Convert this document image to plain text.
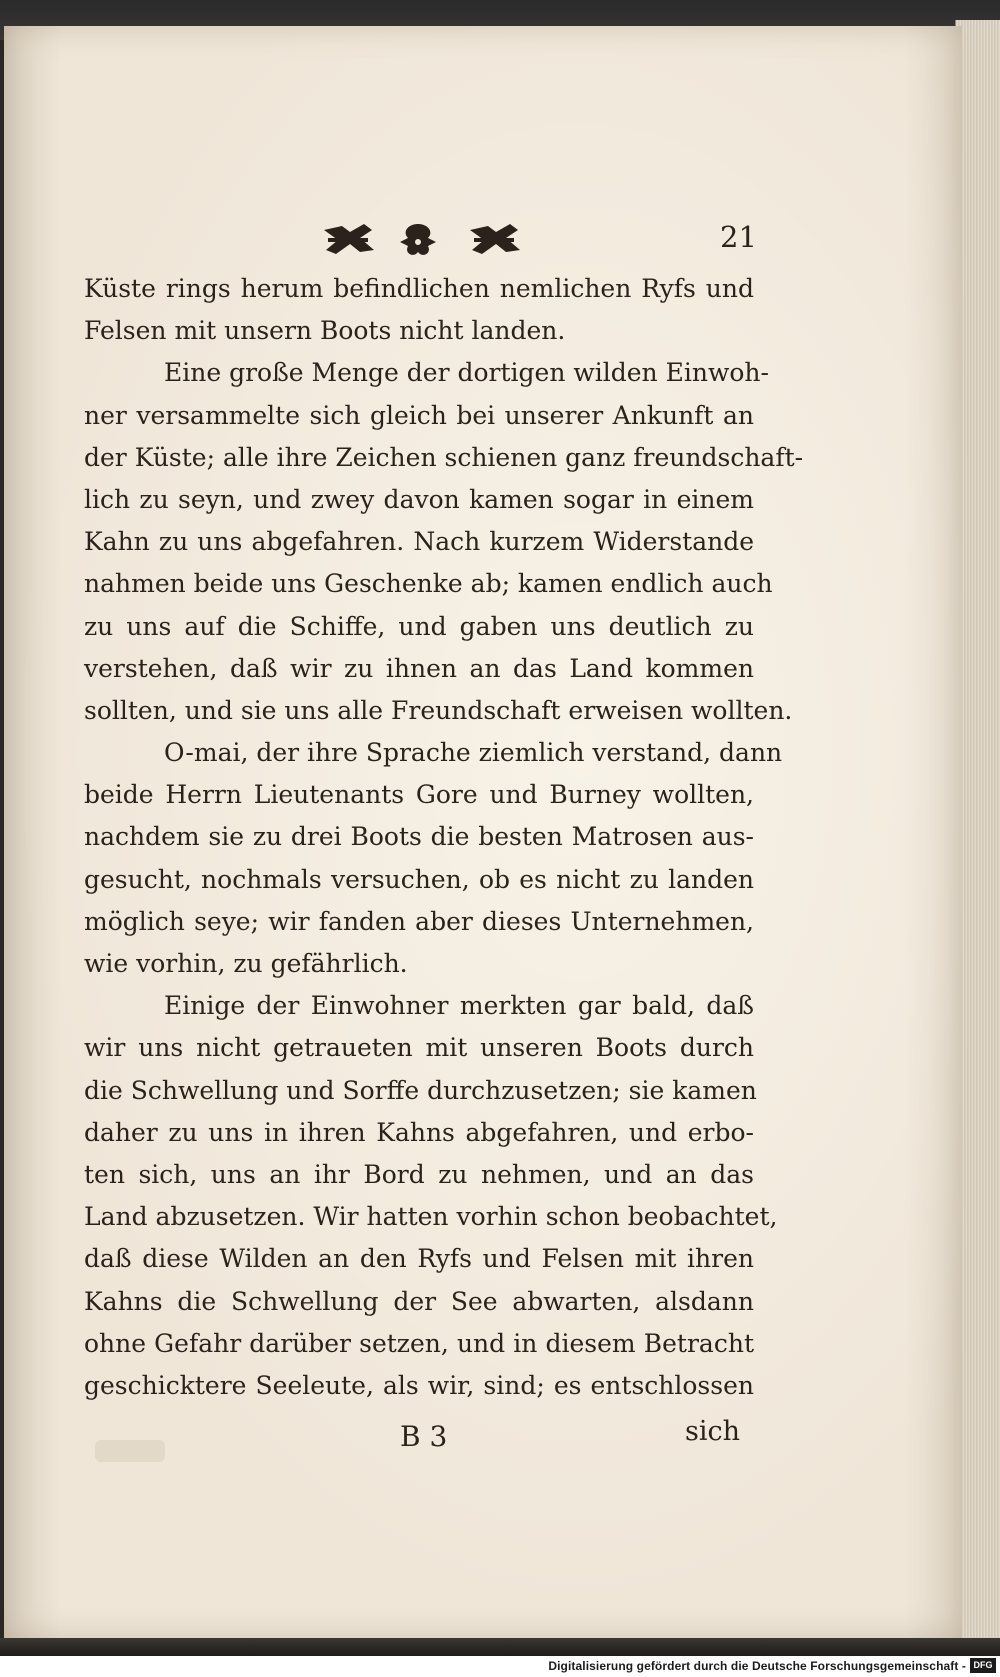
21
Küste rings herum befindlichen nemlichen Ryfs und
Felsen mit unsern Boots nicht landen.
Eine große Menge der dortigen wilden Einwoh-
ner versammelte sich gleich bei unserer Ankunft an
der Küste; alle ihre Zeichen schienen ganz freundschaft-
lich zu seyn, und zwey davon kamen sogar in einem
Kahn zu uns abgefahren. Nach kurzem Widerstande
nahmen beide uns Geschenke ab; kamen endlich auch
zu uns auf die Schiffe, und gaben uns deutlich zu
verstehen, daß wir zu ihnen an das Land kommen
sollten, und sie uns alle Freundschaft erweisen wollten.
O-mai, der ihre Sprache ziemlich verstand, dann
beide Herrn Lieutenants Gore und Burney wollten,
nachdem sie zu drei Boots die besten Matrosen aus-
gesucht, nochmals versuchen, ob es nicht zu landen
möglich seye; wir fanden aber dieses Unternehmen,
wie vorhin, zu gefährlich.
Einige der Einwohner merkten gar bald, daß
wir uns nicht getraueten mit unseren Boots durch
die Schwellung und Sorffe durchzusetzen; sie kamen
daher zu uns in ihren Kahns abgefahren, und erbo-
ten sich, uns an ihr Bord zu nehmen, und an das
Land abzusetzen. Wir hatten vorhin schon beobachtet,
daß diese Wilden an den Ryfs und Felsen mit ihren
Kahns die Schwellung der See abwarten, alsdann
ohne Gefahr darüber setzen, und in diesem Betracht
geschicktere Seeleute, als wir, sind; es entschlossen
B 3	sich
Digitalisierung gefördert durch die Deutsche Forschungsgemeinschaft - DFG
